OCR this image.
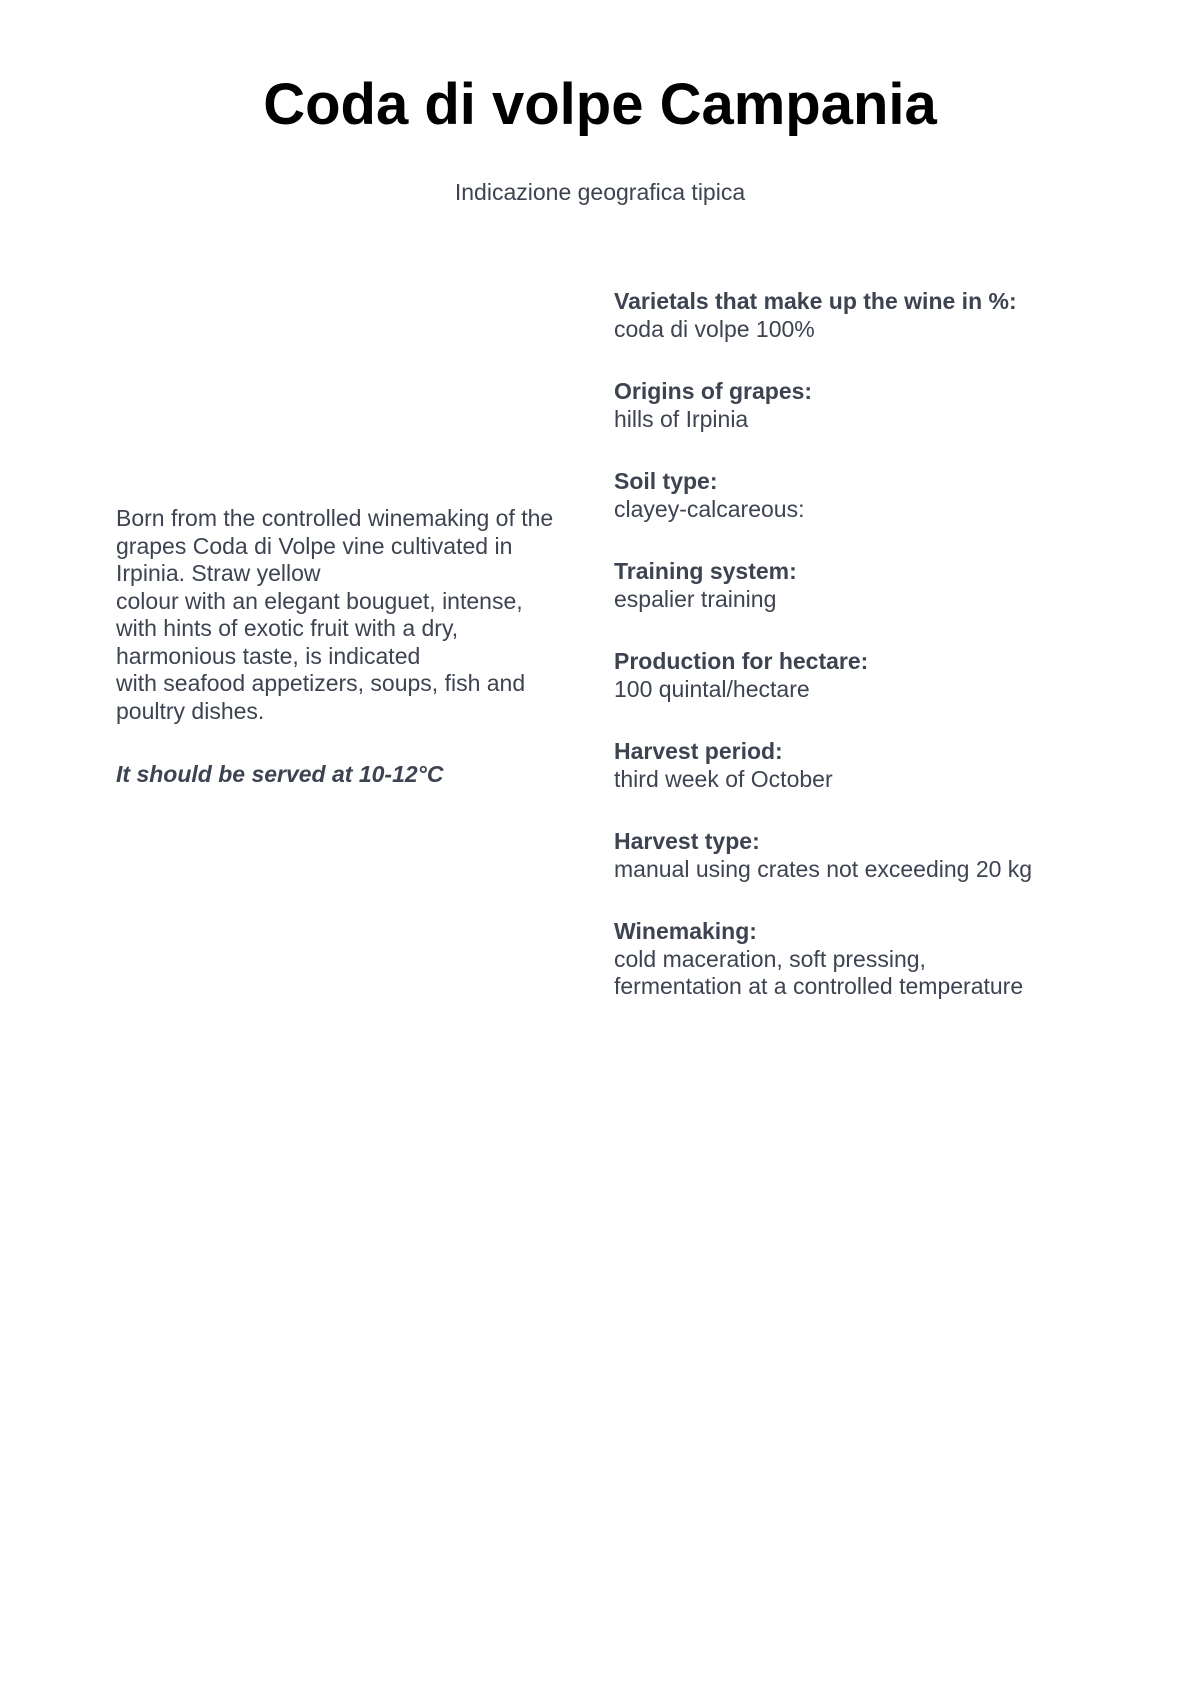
Coda di volpe Campania

Indicazione geografica tipica

Born from the controlled winemaking of the
grapes Coda di Volpe vine cultivated in
Irpinia. Straw yellow
colour with an elegant bouguet, intense,
with hints of exotic fruit with a dry,
harmonious taste, is indicated
with seafood appetizers, soups, fish and
poultry dishes.

It should be served at 10-12°C

Varietals that make up the wine in %:
coda di volpe 100%
Origins of grapes:
hills of Irpinia
Soil type:
clayey-calcareous:
Training system:
espalier training
Production for hectare:
100 quintal/hectare
Harvest period:
third week of October
Harvest type:
manual using crates not exceeding 20 kg
Winemaking:
cold maceration, soft pressing,
fermentation at a controlled temperature
